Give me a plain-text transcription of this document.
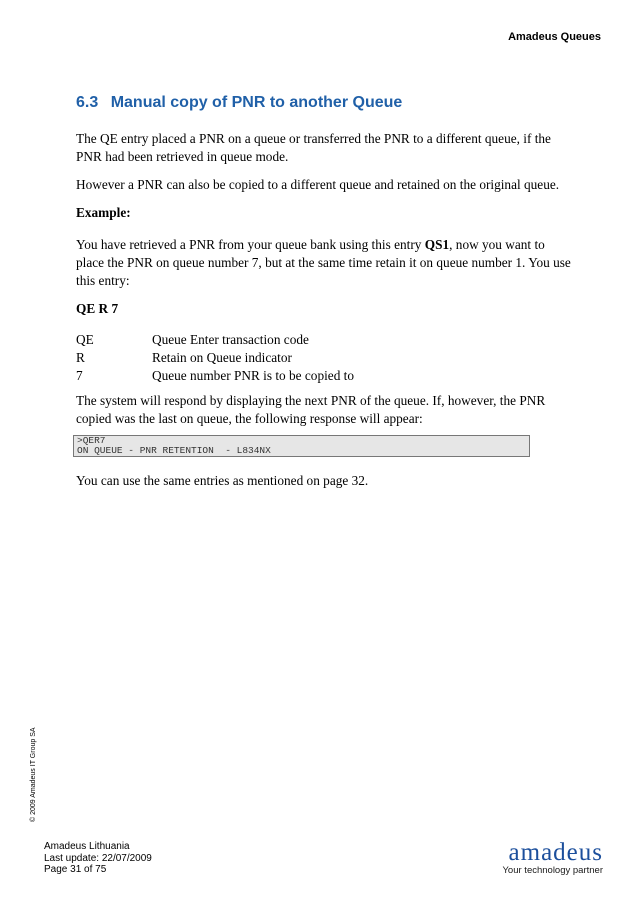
Amadeus Queues
6.3 Manual copy of PNR to another Queue
The QE entry placed a PNR on a queue or transferred the PNR to a different queue, if the PNR had been retrieved in queue mode.
However a PNR can also be copied to a different queue and retained on the original queue.
Example:
You have retrieved a PNR from your queue bank using this entry QS1, now you want to place the PNR on queue number 7, but at the same time retain it on queue number 1. You use this entry:
QE R 7
QE	Queue Enter transaction code
R	Retain on Queue indicator
7	Queue number PNR is to be copied to
The system will respond by displaying the next PNR of the queue. If, however, the PNR copied was the last on queue, the following response will appear:
>QER7
ON QUEUE - PNR RETENTION  - L834NX
You can use the same entries as mentioned on page 32.
© 2009 Amadeus IT Group SA
Amadeus Lithuania
Last update: 22/07/2009
Page 31 of 75
amadeus
Your technology partner
